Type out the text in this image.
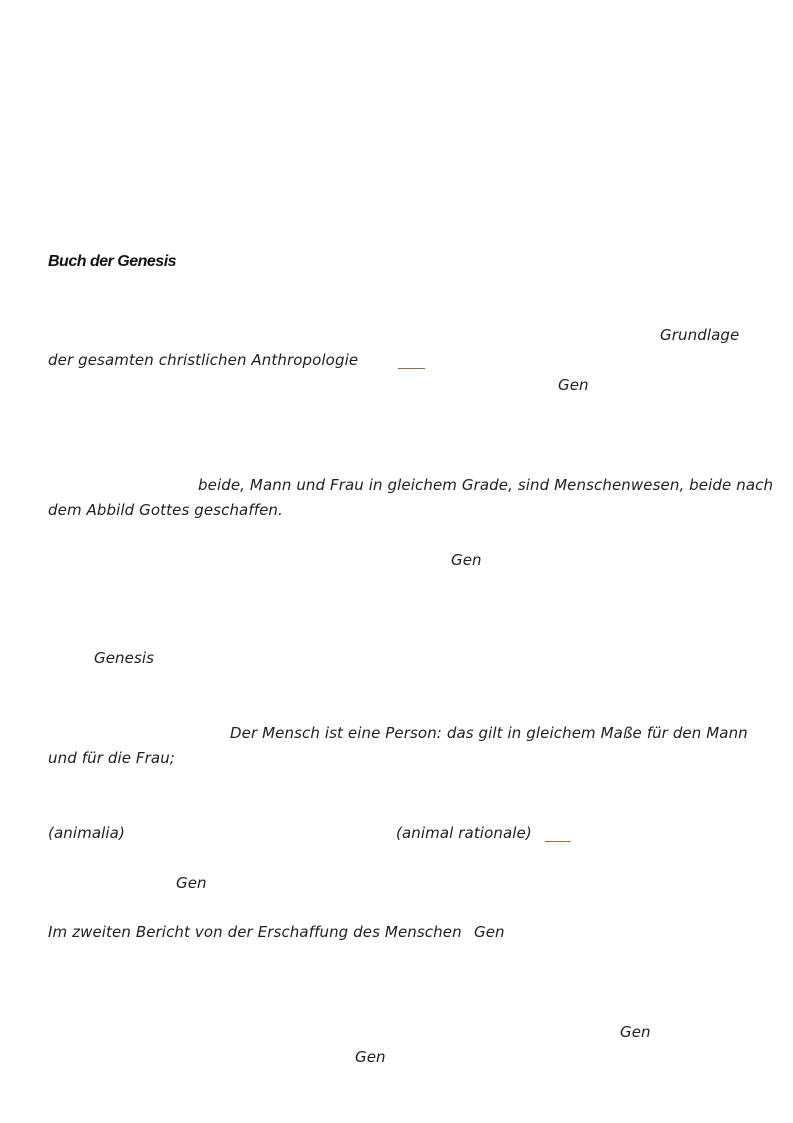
Buch der Genesis
Grundlage
der gesamten christlichen Anthropologie
Gen
beide, Mann und Frau in gleichem Grade, sind Menschenwesen, beide nach
dem Abbild Gottes geschaffen.
Gen
Genesis
Der Mensch ist eine Person: das gilt in gleichem Maße für den Mann
und für die Frau;
(animalia)	(animal rationale)
Gen
Im zweiten Bericht von der Erschaffung des Menschen Gen
Gen
Gen
